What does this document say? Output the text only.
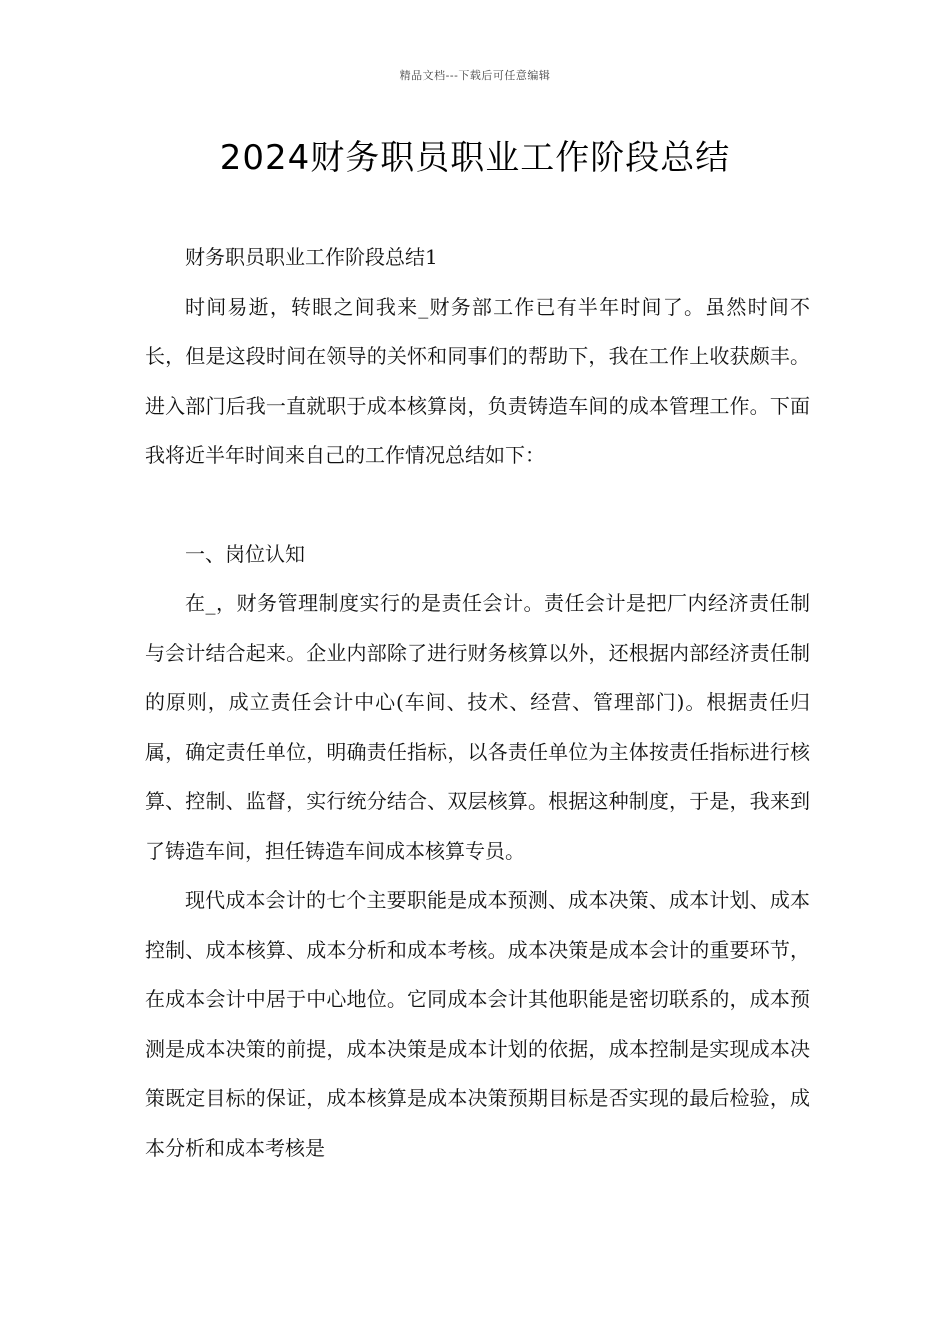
精品文档---下载后可任意编辑
2024财务职员职业工作阶段总结

财务职员职业工作阶段总结1

时间易逝，转眼之间我来_财务部工作已有半年时间了。虽然时间不长，但是这段时间在领导的关怀和同事们的帮助下，我在工作上收获颇丰。进入部门后我一直就职于成本核算岗，负责铸造车间的成本管理工作。下面我将近半年时间来自己的工作情况总结如下：

一、岗位认知

在_，财务管理制度实行的是责任会计。责任会计是把厂内经济责任制与会计结合起来。企业内部除了进行财务核算以外，还根据内部经济责任制的原则，成立责任会计中心(车间、技术、经营、管理部门)。根据责任归属，确定责任单位，明确责任指标，以各责任单位为主体按责任指标进行核算、控制、监督，实行统分结合、双层核算。根据这种制度，于是，我来到了铸造车间，担任铸造车间成本核算专员。

现代成本会计的七个主要职能是成本预测、成本决策、成本计划、成本控制、成本核算、成本分析和成本考核。成本决策是成本会计的重要环节，在成本会计中居于中心地位。它同成本会计其他职能是密切联系的，成本预测是成本决策的前提，成本决策是成本计划的依据，成本控制是实现成本决策既定目标的保证，成本核算是成本决策预期目标是否实现的最后检验，成本分析和成本考核是
